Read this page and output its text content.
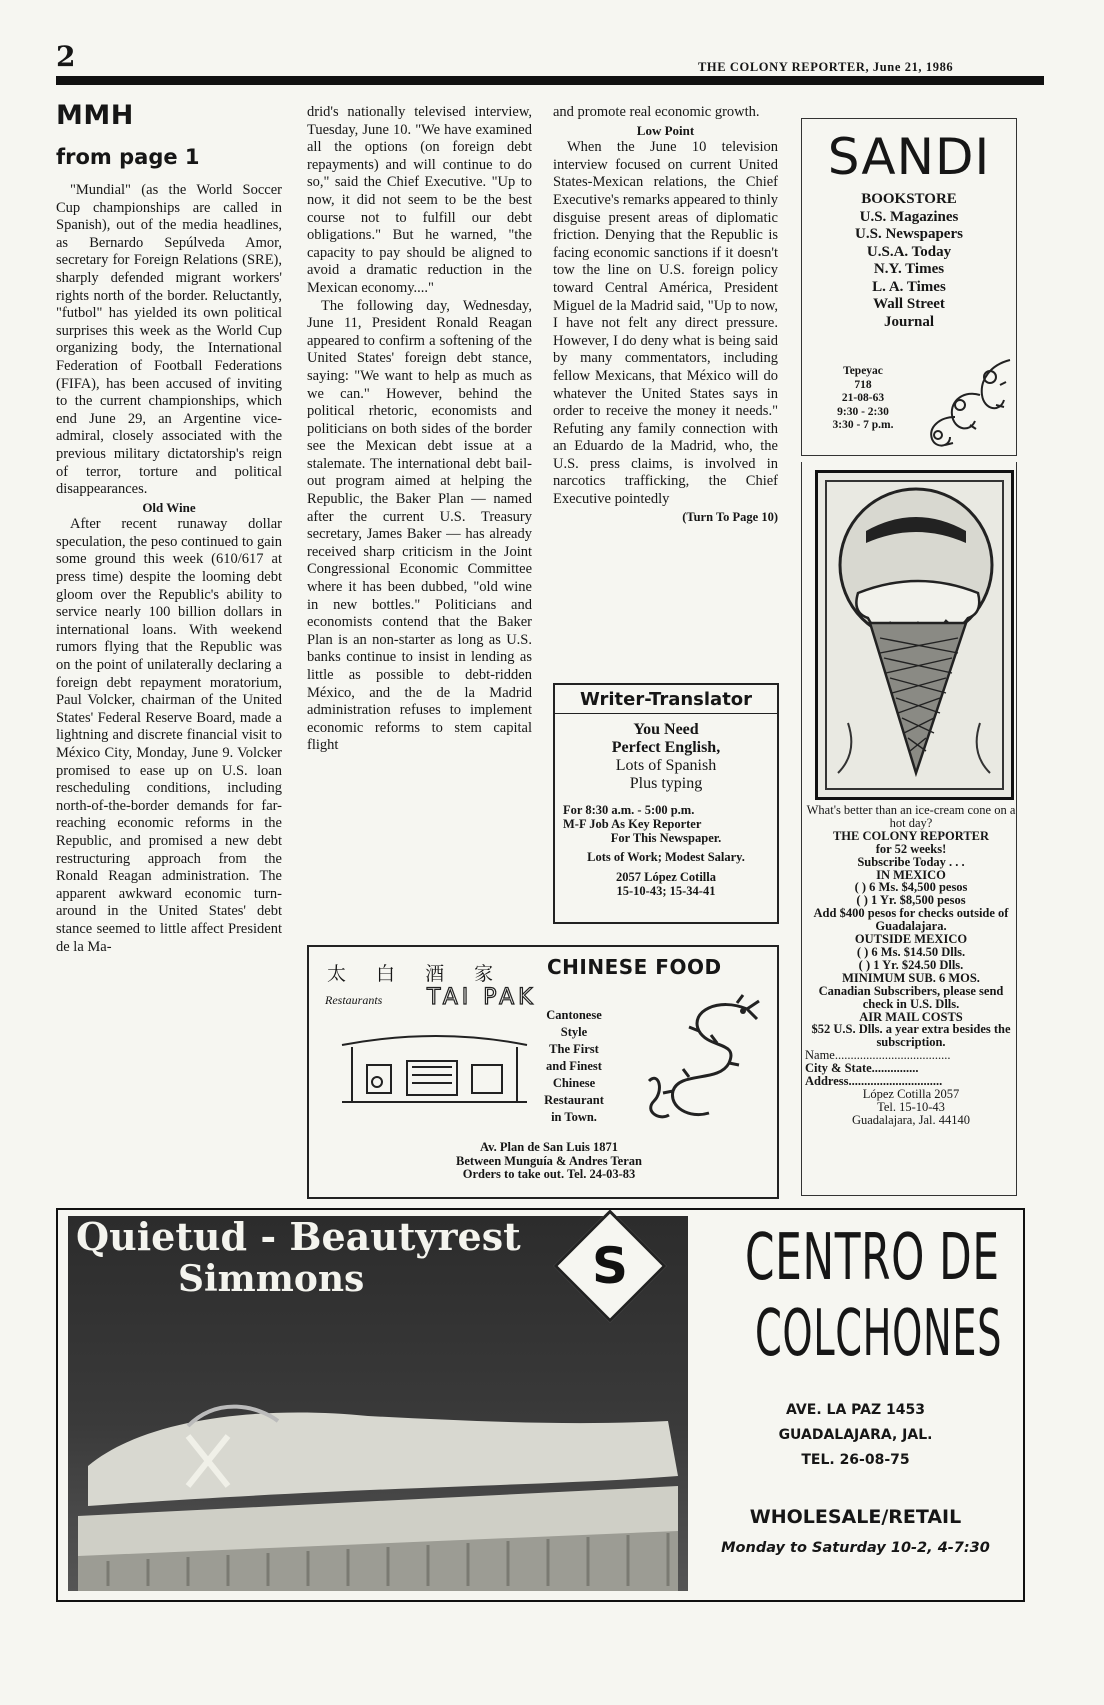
2	THE COLONY REPORTER, June 21, 1986
MMH
from page 1

"Mundial" (as the World Soccer Cup championships are called in Spanish), out of the media headlines, as Bernardo Sepúlveda Amor, secretary for Foreign Relations (SRE), sharply defended migrant workers' rights north of the border. Reluctantly, "futbol" has yielded its own political surprises this week as the World Cup organizing body, the International Federation of Football Federations (FIFA), has been accused of inviting to the current championships, which end June 29, an Argentine vice-admiral, closely associated with the previous military dictatorship's reign of terror, torture and political disappearances.

Old Wine

After recent runaway dollar speculation, the peso continued to gain some ground this week (610/617 at press time) despite the looming debt gloom over the Republic's ability to service nearly 100 billion dollars in international loans. With weekend rumors flying that the Republic was on the point of unilaterally declaring a foreign debt repayment moratorium, Paul Volcker, chairman of the United States' Federal Reserve Board, made a lightning and discrete financial visit to México City, Monday, June 9. Volcker promised to ease up on U.S. loan rescheduling conditions, including north-of-the-border demands for far-reaching economic reforms in the Republic, and promised a new debt restructuring approach from the Ronald Reagan administration. The apparent awkward economic turn-around in the United States' debt stance seemed to little affect President de la Ma-

drid's nationally televised interview, Tuesday, June 10. "We have examined all the options (on foreign debt repayments) and will continue to do so," said the Chief Executive. "Up to now, it did not seem to be the best course not to fulfill our debt obligations." But he warned, "the capacity to pay should be aligned to avoid a dramatic reduction in the Mexican economy...."

The following day, Wednesday, June 11, President Ronald Reagan appeared to confirm a softening of the United States' foreign debt stance, saying: "We want to help as much as we can." However, behind the political rhetoric, economists and politicians on both sides of the border see the Mexican debt issue at a stalemate. The international debt bail-out program aimed at helping the Republic, the Baker Plan — named after the current U.S. Treasury secretary, James Baker — has already received sharp criticism in the Joint Congressional Economic Committee where it has been dubbed, "old wine in new bottles." Politicians and economists contend that the Baker Plan is an non-starter as long as U.S. banks continue to insist in lending as little as possible to debt-ridden México, and the de la Madrid administration refuses to implement economic reforms to stem capital flight

and promote real economic growth.

Low Point

When the June 10 television interview focused on current United States-Mexican relations, the Chief Executive's remarks appeared to thinly disguise present areas of diplomatic friction. Denying that the Republic is facing economic sanctions if it doesn't tow the line on U.S. foreign policy toward Central América, President Miguel de la Madrid said, "Up to now, I have not felt any direct pressure. However, I do deny what is being said by many commentators, including fellow Mexicans, that México will do whatever the United States says in order to receive the money it needs." Refuting any family connection with an Eduardo de la Madrid, who, the U.S. press claims, is involved in narcotics trafficking, the Chief Executive pointedly

(Turn To Page 10)
Writer-Translator
You Need
Perfect English,
Lots of Spanish
Plus typing
For 8:30 a.m. - 5:00 p.m.
M-F Job As Key Reporter
For This Newspaper.
Lots of Work; Modest Salary.
2057 López Cotilla
15-10-43; 15-34-41
SANDI
BOOKSTORE
U.S. Magazines
U.S. Newspapers
U.S.A. Today
N.Y. Times
L. A. Times
Wall Street
Journal
Tepeyac
718
21-08-63
9:30 - 2:30
3:30 - 7 p.m.
What's better than an ice-cream cone on a hot day?
THE COLONY REPORTER
for 52 weeks!
Subscribe Today . . .
IN MEXICO
( ) 6 Ms. $4,500 pesos
( ) 1 Yr. $8,500 pesos
Add $400 pesos for checks outside of Guadalajara.
OUTSIDE MEXICO
( ) 6 Ms. $14.50 Dlls.
( ) 1 Yr. $24.50 Dlls.
MINIMUM SUB. 6 MOS.
Canadian Subscribers, please send check in U.S. Dlls.
AIR MAIL COSTS
$52 U.S. Dlls. a year extra besides the subscription.
Name.....................................
City & State...............
Address..............................
López Cotilla 2057
Tel. 15-10-43
Guadalajara, Jal. 44140
太 白 酒 家
Restaurants TAI PAK
CHINESE FOOD
Cantonese
Style
The First
and Finest
Chinese
Restaurant
in Town.
Av. Plan de San Luis 1871
Between Munguía & Andres Teran
Orders to take out. Tel. 24-03-83
Quietud - Beautyrest
Simmons	S	CENTRO DE
COLCHONES
AVE. LA PAZ 1453
GUADALAJARA, JAL.
TEL. 26-08-75
WHOLESALE/RETAIL
Monday to Saturday 10-2, 4-7:30
